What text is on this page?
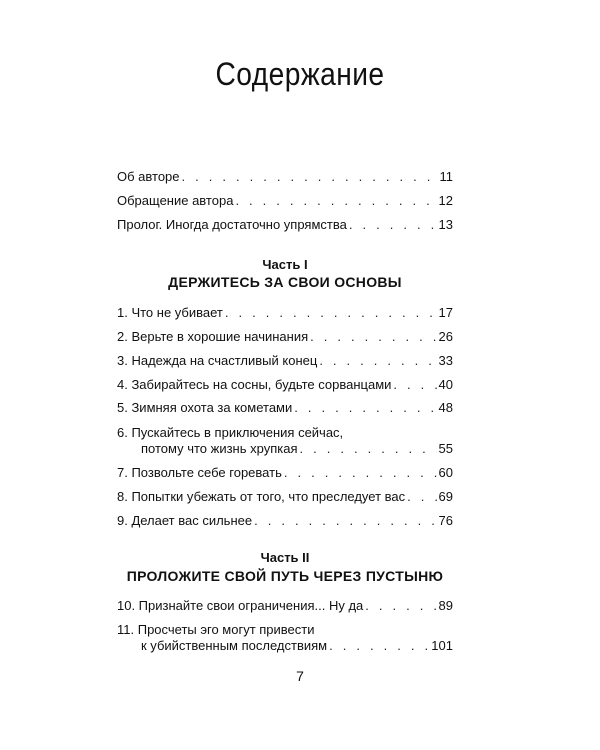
Содержание
Об авторе . . .	11
Обращение автора . . .	12
Пролог. Иногда достаточно упрямства . . .	13
Часть I
ДЕРЖИТЕСЬ ЗА СВОИ ОСНОВЫ
1. Что не убивает . . .	17
2. Верьте в хорошие начинания . . .	26
3. Надежда на счастливый конец . . .	33
4. Забирайтесь на сосны, будьте сорванцами . . .	40
5. Зимняя охота за кометами . . .	48
6. Пускайтесь в приключения сейчас,
потому что жизнь хрупкая . . .	55
7. Позвольте себе горевать . . .	60
8. Попытки убежать от того, что преследует вас . . .	69
9. Делает вас сильнее . . .	76
Часть II
ПРОЛОЖИТЕ СВОЙ ПУТЬ ЧЕРЕЗ ПУСТЫНЮ
10. Признайте свои ограничения... Ну да . . .	89
11. Просчеты эго могут привести
к убийственным последствиям . . .	101
7
